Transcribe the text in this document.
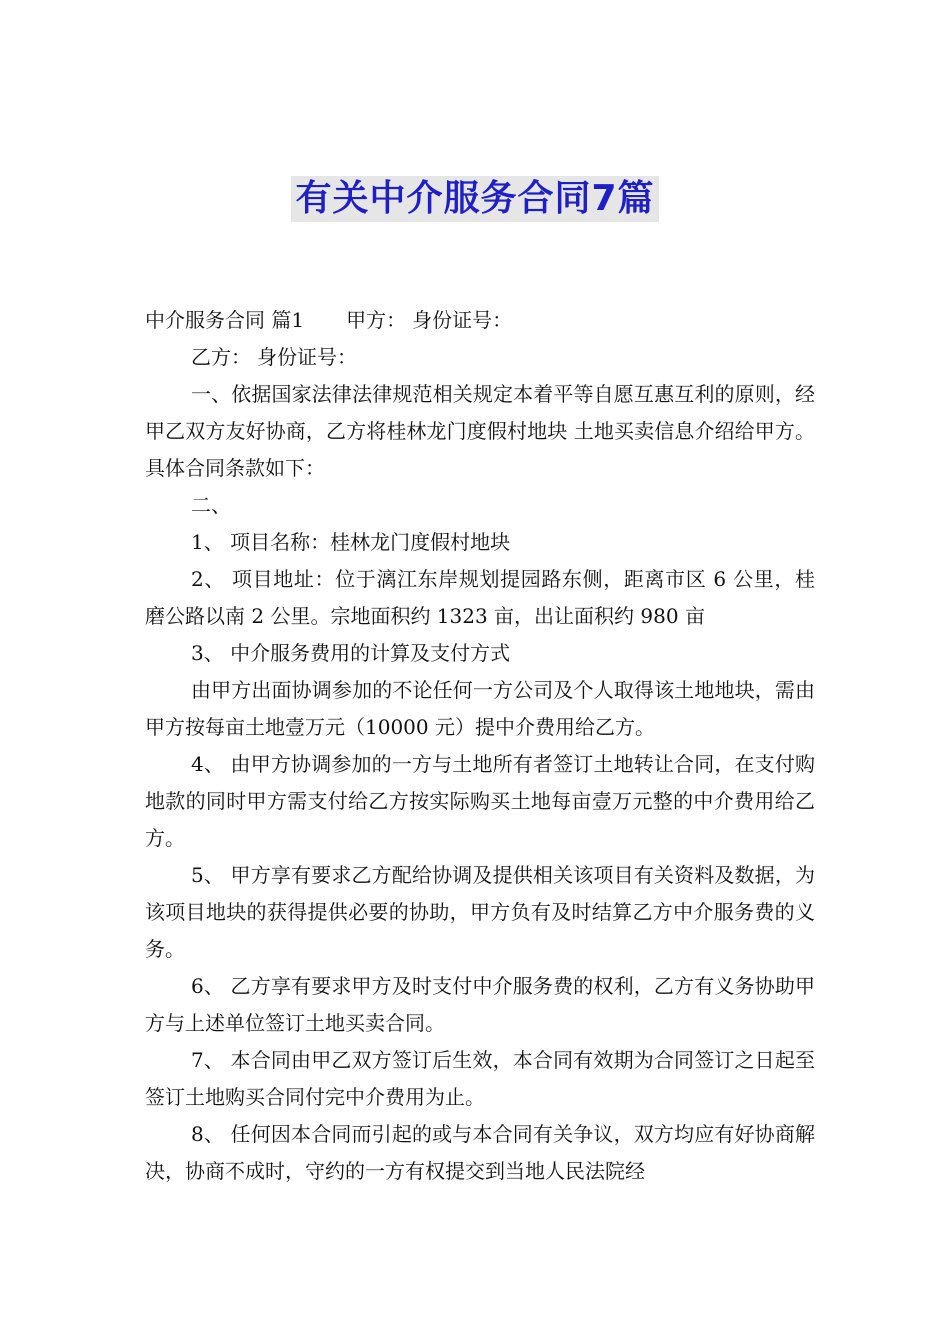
有关中介服务合同7篇

中介服务合同 篇1 甲方： 身份证号：

乙方： 身份证号：

一、依据国家法律法律规范相关规定本着平等自愿互惠互利的原则，经甲乙双方友好协商，乙方将桂林龙门度假村地块 土地买卖信息介绍给甲方。具体合同条款如下：

二、

1、 项目名称：桂林龙门度假村地块

2、 项目地址：位于漓江东岸规划提园路东侧，距离市区 6 公里，桂磨公路以南 2 公里。宗地面积约 1323 亩，出让面积约 980 亩

3、 中介服务费用的计算及支付方式

由甲方出面协调参加的不论任何一方公司及个人取得该土地地块，需由甲方按每亩土地壹万元（10000 元）提中介费用给乙方。

4、 由甲方协调参加的一方与土地所有者签订土地转让合同，在支付购地款的同时甲方需支付给乙方按实际购买土地每亩壹万元整的中介费用给乙方。

5、 甲方享有要求乙方配给协调及提供相关该项目有关资料及数据，为该项目地块的获得提供必要的协助，甲方负有及时结算乙方中介服务费的义务。

6、 乙方享有要求甲方及时支付中介服务费的权利，乙方有义务协助甲方与上述单位签订土地买卖合同。

7、 本合同由甲乙双方签订后生效，本合同有效期为合同签订之日起至签订土地购买合同付完中介费用为止。

8、 任何因本合同而引起的或与本合同有关争议，双方均应有好协商解决，协商不成时，守约的一方有权提交到当地人民法院经
